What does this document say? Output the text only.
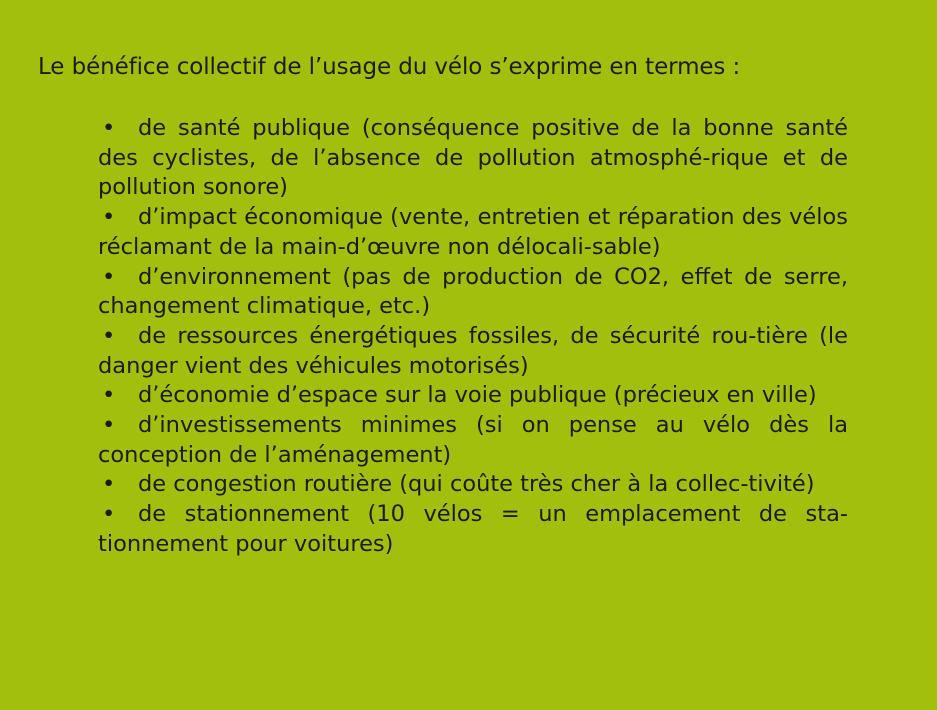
Le bénéfice collectif de l’usage du vélo s’exprime en termes :
• de santé publique (conséquence positive de la bonne santé des cyclistes, de l’absence de pollution atmosphé-rique et de pollution sonore)
• d’impact économique (vente, entretien et réparation des vélos réclamant de la main-d’œuvre non délocali-sable)
• d’environnement (pas de production de CO2, effet de serre, changement climatique, etc.)
• de ressources énergétiques fossiles, de sécurité rou-tière (le danger vient des véhicules motorisés)
• d’économie d’espace sur la voie publique (précieux en ville)
• d’investissements minimes (si on pense au vélo dès la conception de l’aménagement)
• de congestion routière (qui coûte très cher à la collec-tivité)
• de stationnement (10 vélos = un emplacement de sta-tionnement pour voitures)
